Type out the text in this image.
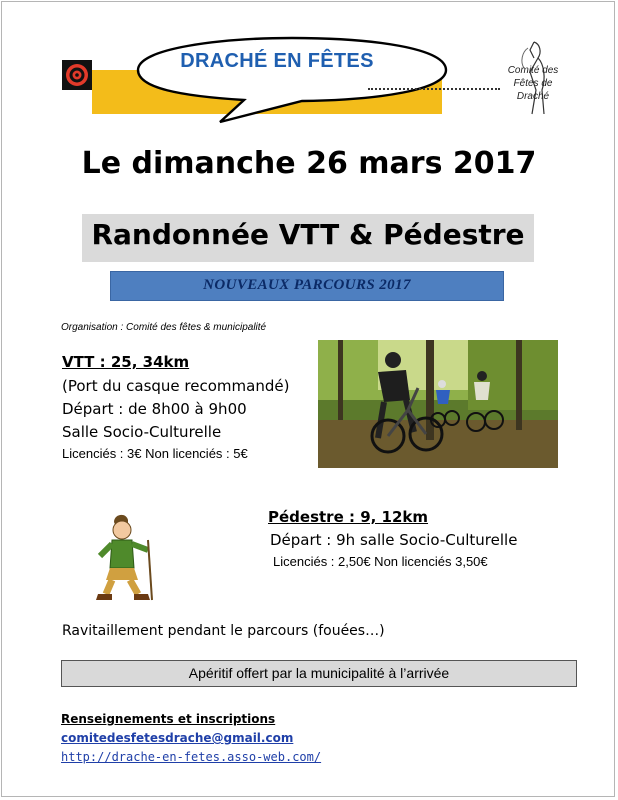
DRACHÉ EN FÊTES	Comité des
Fêtes de
Draché
Le dimanche 26 mars 2017
Randonnée VTT & Pédestre
NOUVEAUX PARCOURS 2017
Organisation : Comité des fêtes & municipalité
VTT : 25, 34km
(Port du casque recommandé)
Départ : de 8h00 à 9h00
Salle Socio-Culturelle
Licenciés : 3€ Non licenciés : 5€
Pédestre : 9, 12km
Départ : 9h salle Socio-Culturelle
Licenciés : 2,50€ Non licenciés 3,50€
Ravitaillement pendant le parcours (fouées…)
Apéritif offert par la municipalité à l’arrivée
Renseignements et inscriptions
comitedesfetesdrache@gmail.com
http://drache-en-fetes.asso-web.com/
